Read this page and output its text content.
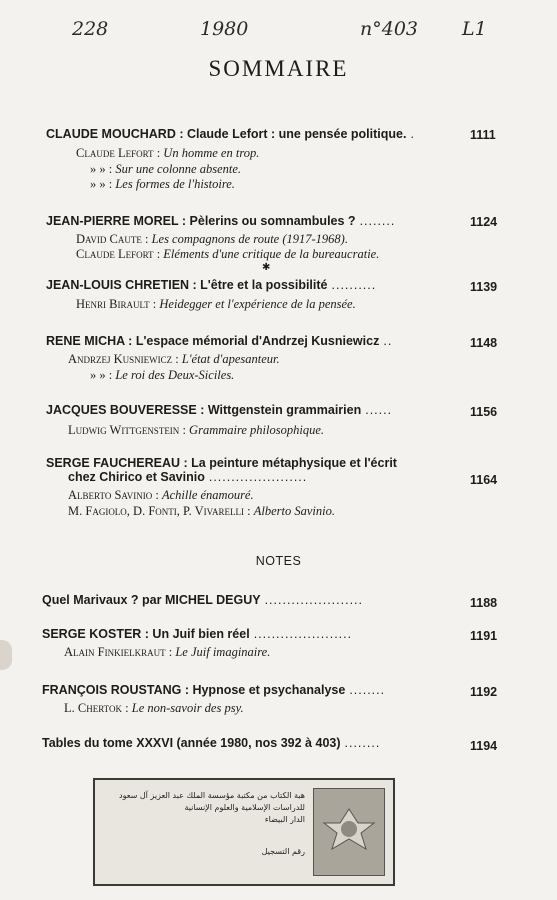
228	1980	n°403 L1
SOMMAIRE
CLAUDE MOUCHARD : Claude Lefort : une pensée politique. .	1111
Claude Lefort : Un homme en trop.
» » : Sur une colonne absente.
» » : Les formes de l'histoire.
JEAN-PIERRE MOREL : Pèlerins ou somnambules ? ........	1124
David Caute : Les compagnons de route (1917-1968).
Claude Lefort : Eléments d'une critique de la bureaucratie.
✱
JEAN-LOUIS CHRETIEN : L'être et la possibilité ..........	1139
Henri Birault : Heidegger et l'expérience de la pensée.
RENE MICHA : L'espace mémorial d'Andrzej Kusniewicz ..	1148
Andrzej Kusniewicz : L'état d'apesanteur.
» » : Le roi des Deux-Siciles.
JACQUES BOUVERESSE : Wittgenstein grammairien ......	1156
Ludwig Wittgenstein : Grammaire philosophique.
SERGE FAUCHEREAU : La peinture métaphysique et l'écrit
chez Chirico et Savinio ......................	1164
Alberto Savinio : Achille énamouré.
M. Fagiolo, D. Fonti, P. Vivarelli : Alberto Savinio.
NOTES
Quel Marivaux ? par MICHEL DEGUY ......................	1188
SERGE KOSTER : Un Juif bien réel ......................	1191
Alain Finkielkraut : Le Juif imaginaire.
FRANÇOIS ROUSTANG : Hypnose et psychanalyse ........	1192
L. Chertok : Le non-savoir des psy.
Tables du tome XXXVI (année 1980, nos 392 à 403) ........	1194
هبة الكتاب من مكتبة مؤسسة الملك عبد العزيز آل سعود
للدراسات الإسلامية والعلوم الإنسانية
الدار البيضاء
رقم التسجيل
